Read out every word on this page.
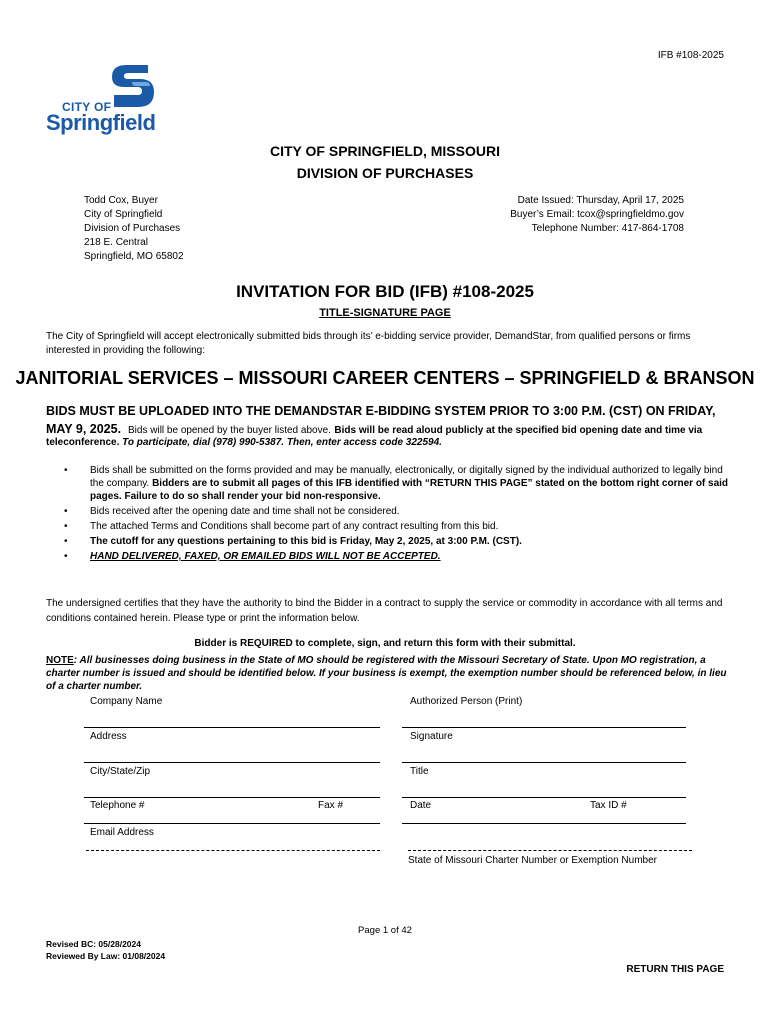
IFB #108-2025
CITY OF
Springfield
CITY OF SPRINGFIELD, MISSOURI
DIVISION OF PURCHASES
Todd Cox, Buyer
City of Springfield
Division of Purchases
218 E. Central
Springfield, MO 65802
Date Issued: Thursday, April 17, 2025
Buyer’s Email: tcox@springfieldmo.gov
Telephone Number: 417-864-1708
INVITATION FOR BID (IFB) #108-2025
TITLE-SIGNATURE PAGE
The City of Springfield will accept electronically submitted bids through its’ e-bidding service provider, DemandStar, from qualified persons or firms interested in providing the following:
JANITORIAL SERVICES – MISSOURI CAREER CENTERS – SPRINGFIELD & BRANSON
BIDS MUST BE UPLOADED INTO THE DEMANDSTAR E-BIDDING SYSTEM PRIOR TO 3:00 P.M. (CST) ON FRIDAY, MAY 9, 2025. Bids will be opened by the buyer listed above. Bids will be read aloud publicly at the specified bid opening date and time via
teleconference. To participate, dial (978) 990-5387. Then, enter access code 322594.
• Bids shall be submitted on the forms provided and may be manually, electronically, or digitally signed by the individual authorized to legally bind the company. Bidders are to submit all pages of this IFB identified with “RETURN THIS PAGE” stated on the bottom right corner of said pages. Failure to do so shall render your bid non-responsive.
• Bids received after the opening date and time shall not be considered.
• The attached Terms and Conditions shall become part of any contract resulting from this bid.
• The cutoff for any questions pertaining to this bid is Friday, May 2, 2025, at 3:00 P.M. (CST).
• HAND DELIVERED, FAXED, OR EMAILED BIDS WILL NOT BE ACCEPTED.
The undersigned certifies that they have the authority to bind the Bidder in a contract to supply the service or commodity in accordance with all terms and conditions contained herein. Please type or print the information below.
Bidder is REQUIRED to complete, sign, and return this form with their submittal.
NOTE: All businesses doing business in the State of MO should be registered with the Missouri Secretary of State. Upon MO registration, a charter number is issued and should be identified below. If your business is exempt, the exemption number should be referenced below, in lieu of a charter number.
Company Name	Authorized Person (Print)
Address	Signature
City/State/Zip	Title
Telephone #	Fax #	Date	Tax ID #
Email Address
State of Missouri Charter Number or Exemption Number
Page 1 of 42
Revised BC: 05/28/2024
Reviewed By Law: 01/08/2024
RETURN THIS PAGE
